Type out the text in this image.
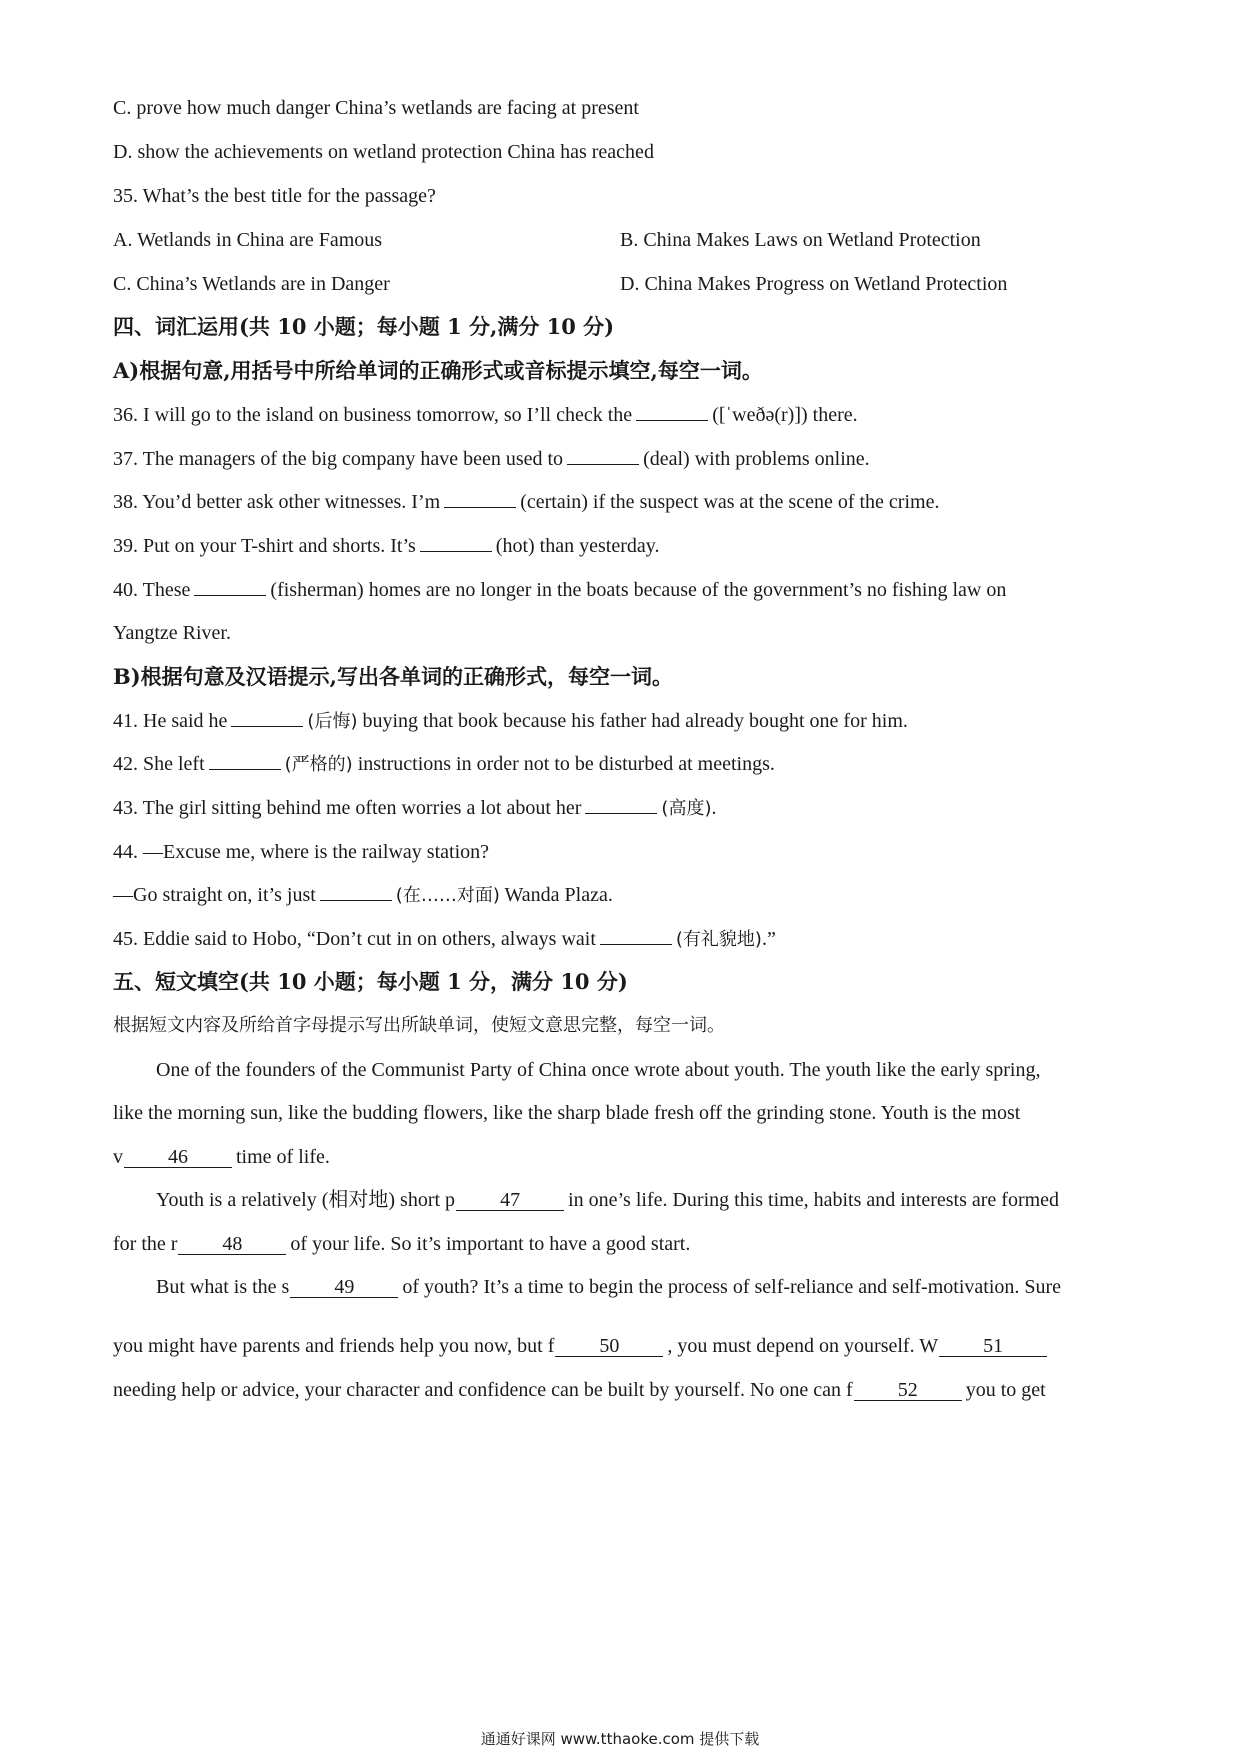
C. prove how much danger China’s wetlands are facing at present
D. show the achievements on wetland protection China has reached
35. What’s the best title for the passage?
A. Wetlands in China are Famous	B. China Makes Laws on Wetland Protection
C. China’s Wetlands are in Danger	D. China Makes Progress on Wetland Protection
四、词汇运用(共 10 小题；每小题 1 分,满分 10 分)
A)根据句意,用括号中所给单词的正确形式或音标提示填空,每空一词。
36. I will go to the island on business tomorrow, so I’ll check the	([ˈweðə(r)]) there.
37. The managers of the big company have been used to	(deal) with problems online.
38. You’d better ask other witnesses. I’m	(certain) if the suspect was at the scene of the crime.
39. Put on your T-shirt and shorts. It’s	(hot) than yesterday.
40. These	(fisherman) homes are no longer in the boats because of the government’s no fishing law on
Yangtze River.
B)根据句意及汉语提示,写出各单词的正确形式，每空一词。
41. He said he	(后悔) buying that book because his father had already bought one for him.
42. She left	(严格的) instructions in order not to be disturbed at meetings.
43. The girl sitting behind me often worries a lot about her	(高度).
44. —Excuse me, where is the railway station?
—Go straight on, it’s just	(在……对面) Wanda Plaza.
45. Eddie said to Hobo, “Don’t cut in on others, always wait	(有礼貌地).”
五、短文填空(共 10 小题；每小题 1 分，满分 10 分)
根据短文内容及所给首字母提示写出所缺单词，使短文意思完整，每空一词。
One of the founders of the Communist Party of China once wrote about youth. The youth like the early spring,
like the morning sun, like the budding flowers, like the sharp blade fresh off the grinding stone. Youth is the most
v 46 time of life.
Youth is a relatively (相对地) short p 47 in one’s life. During this time, habits and interests are formed
for the r 48 of your life. So it’s important to have a good start.
But what is the s 49 of youth? It’s a time to begin the process of self-reliance and self-motivation. Sure
you might have parents and friends help you now, but f 50 , you must depend on yourself. W 51
needing help or advice, your character and confidence can be built by yourself. No one can f 52 you to get
通通好课网 www.tthaoke.com 提供下载
